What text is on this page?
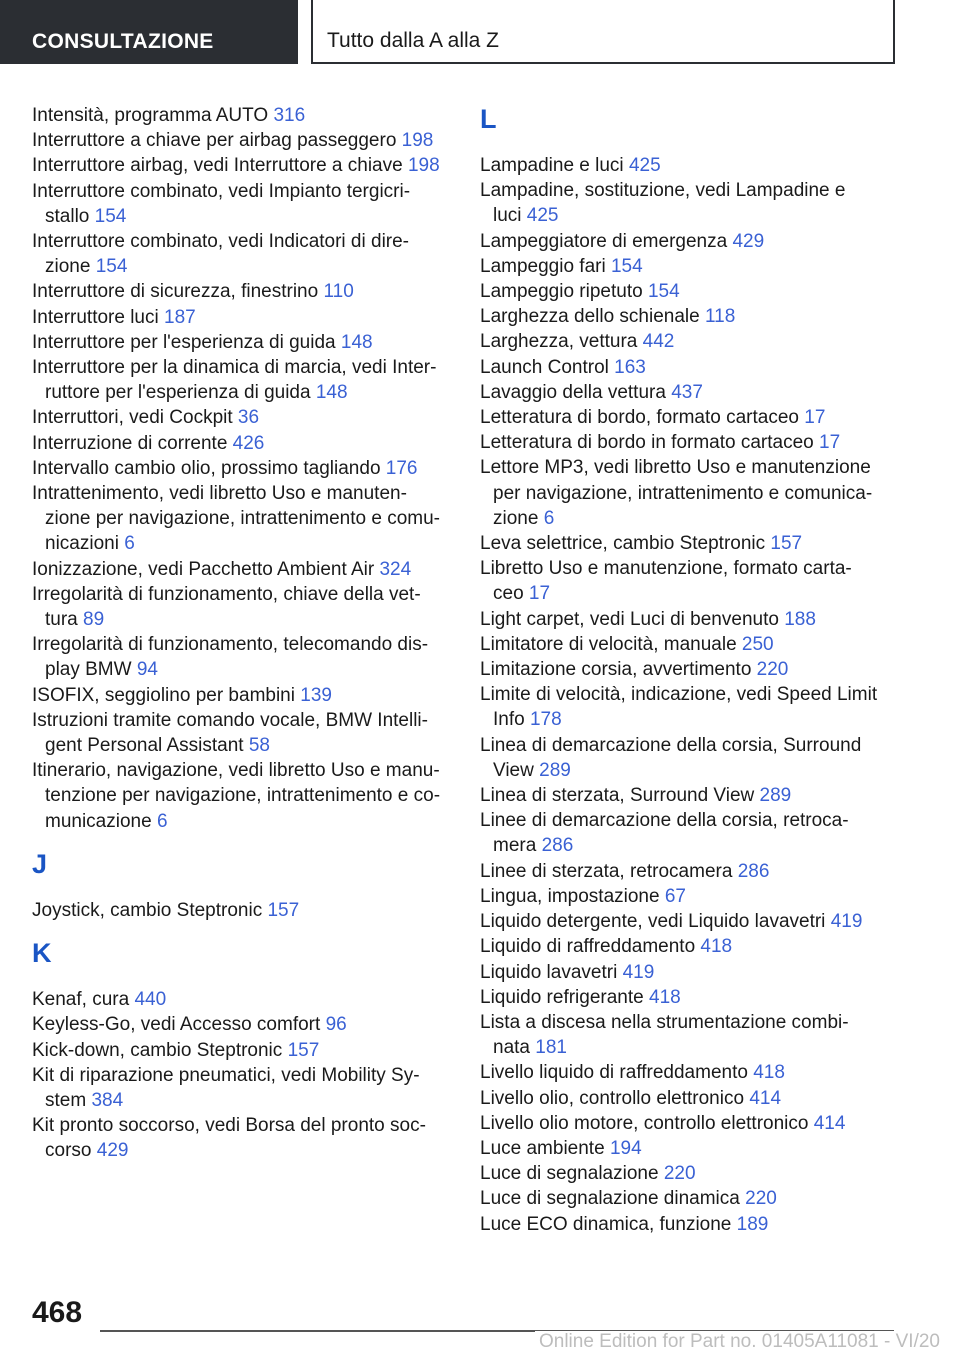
CONSULTAZIONE	Tutto dalla A alla Z

Intensità, programma AUTO 316

Interruttore a chiave per airbag passeggero 198

Interruttore airbag, vedi Interruttore a chiave 198

Interruttore combinato, vedi Impianto tergicri-
stallo 154

Interruttore combinato, vedi Indicatori di dire-
zione 154

Interruttore di sicurezza, finestrino 110

Interruttore luci 187

Interruttore per l'esperienza di guida 148

Interruttore per la dinamica di marcia, vedi Inter-
ruttore per l'esperienza di guida 148

Interruttori, vedi Cockpit 36

Interruzione di corrente 426

Intervallo cambio olio, prossimo tagliando 176

Intrattenimento, vedi libretto Uso e manuten-
zione per navigazione, intrattenimento e comu-
nicazioni 6

Ionizzazione, vedi Pacchetto Ambient Air 324

Irregolarità di funzionamento, chiave della vet-
tura 89

Irregolarità di funzionamento, telecomando dis-
play BMW 94

ISOFIX, seggiolino per bambini 139

Istruzioni tramite comando vocale, BMW Intelli-
gent Personal Assistant 58

Itinerario, navigazione, vedi libretto Uso e manu-
tenzione per navigazione, intrattenimento e co-
municazione 6

J

Joystick, cambio Steptronic 157

K

Kenaf, cura 440

Keyless-Go, vedi Accesso comfort 96

Kick-down, cambio Steptronic 157

Kit di riparazione pneumatici, vedi Mobility Sy-
stem 384

Kit pronto soccorso, vedi Borsa del pronto soc-
corso 429

L

Lampadine e luci 425

Lampadine, sostituzione, vedi Lampadine e
luci 425

Lampeggiatore di emergenza 429

Lampeggio fari 154

Lampeggio ripetuto 154

Larghezza dello schienale 118

Larghezza, vettura 442

Launch Control 163

Lavaggio della vettura 437

Letteratura di bordo, formato cartaceo 17

Letteratura di bordo in formato cartaceo 17

Lettore MP3, vedi libretto Uso e manutenzione
per navigazione, intrattenimento e comunica-
zione 6

Leva selettrice, cambio Steptronic 157

Libretto Uso e manutenzione, formato carta-
ceo 17

Light carpet, vedi Luci di benvenuto 188

Limitatore di velocità, manuale 250

Limitazione corsia, avvertimento 220

Limite di velocità, indicazione, vedi Speed Limit
Info 178

Linea di demarcazione della corsia, Surround
View 289

Linea di sterzata, Surround View 289

Linee di demarcazione della corsia, retroca-
mera 286

Linee di sterzata, retrocamera 286

Lingua, impostazione 67

Liquido detergente, vedi Liquido lavavetri 419

Liquido di raffreddamento 418

Liquido lavavetri 419

Liquido refrigerante 418

Lista a discesa nella strumentazione combi-
nata 181

Livello liquido di raffreddamento 418

Livello olio, controllo elettronico 414

Livello olio motore, controllo elettronico 414

Luce ambiente 194

Luce di segnalazione 220

Luce di segnalazione dinamica 220

Luce ECO dinamica, funzione 189

468
Online Edition for Part no. 01405A11081 - VI/20
